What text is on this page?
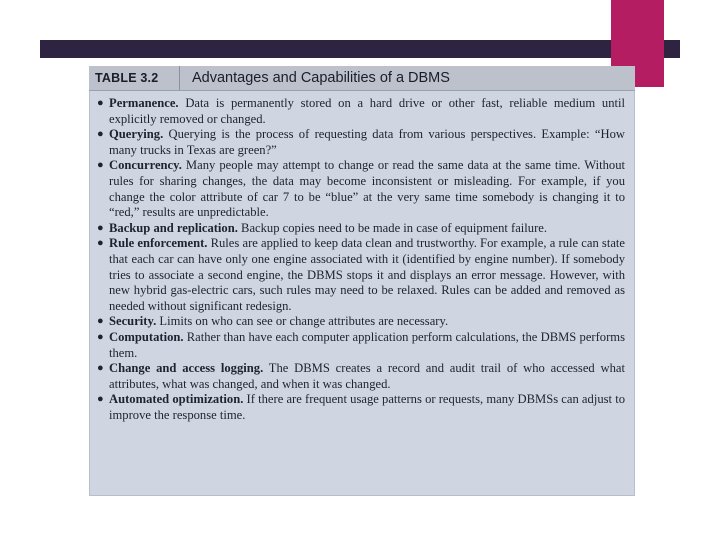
TABLE 3.2	Advantages and Capabilities of a DBMS
● Permanence. Data is permanently stored on a hard drive or other fast, reliable medium until explicitly removed or changed.
● Querying. Querying is the process of requesting data from various perspectives. Example: “How many trucks in Texas are green?”
● Concurrency. Many people may attempt to change or read the same data at the same time. Without rules for sharing changes, the data may become inconsistent or misleading. For example, if you change the color attribute of car 7 to be “blue” at the very same time somebody is changing it to “red,” results are unpredictable.
● Backup and replication. Backup copies need to be made in case of equipment failure.
● Rule enforcement. Rules are applied to keep data clean and trustworthy. For example, a rule can state that each car can have only one engine associated with it (identified by engine number). If somebody tries to associate a second engine, the DBMS stops it and displays an error message. However, with new hybrid gas-electric cars, such rules may need to be relaxed. Rules can be added and removed as needed without significant redesign.
● Security. Limits on who can see or change attributes are necessary.
● Computation. Rather than have each computer application perform calculations, the DBMS performs them.
● Change and access logging. The DBMS creates a record and audit trail of who accessed what attributes, what was changed, and when it was changed.
● Automated optimization. If there are frequent usage patterns or requests, many DBMSs can adjust to improve the response time.
